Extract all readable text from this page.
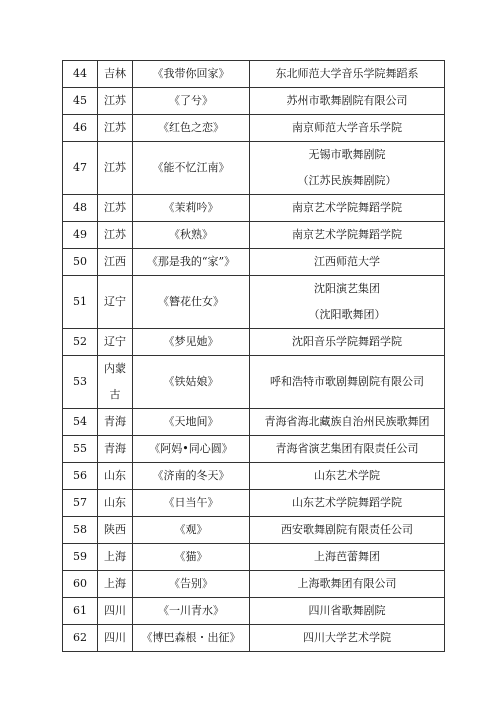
44	吉林	《我带你回家》	东北师范大学音乐学院舞蹈系

45	江苏	《了兮》	苏州市歌舞剧院有限公司

46	江苏	《红色之恋》	南京师范大学音乐学院

47	江苏	《能不忆江南》	无锡市歌舞剧院
（江苏民族舞剧院）

48	江苏	《茉莉吟》	南京艺术学院舞蹈学院

49	江苏	《秋熟》	南京艺术学院舞蹈学院

50	江西	《那是我的“家”》	江西师范大学

51	辽宁	《簪花仕女》	沈阳演艺集团
（沈阳歌舞团）

52	辽宁	《梦见她》	沈阳音乐学院舞蹈学院

53	内蒙
古	《铁姑娘》	呼和浩特市歌剧舞剧院有限公司

54	青海	《天地间》	青海省海北藏族自治州民族歌舞团

55	青海	《阿妈•同心圆》	青海省演艺集团有限责任公司

56	山东	《济南的冬天》	山东艺术学院

57	山东	《日当午》	山东艺术学院舞蹈学院

58	陕西	《观》	西安歌舞剧院有限责任公司

59	上海	《猫》	上海芭蕾舞团

60	上海	《告别》	上海歌舞团有限公司

61	四川	《一川青水》	四川省歌舞剧院

62	四川	《博巴森根・出征》	四川大学艺术学院
